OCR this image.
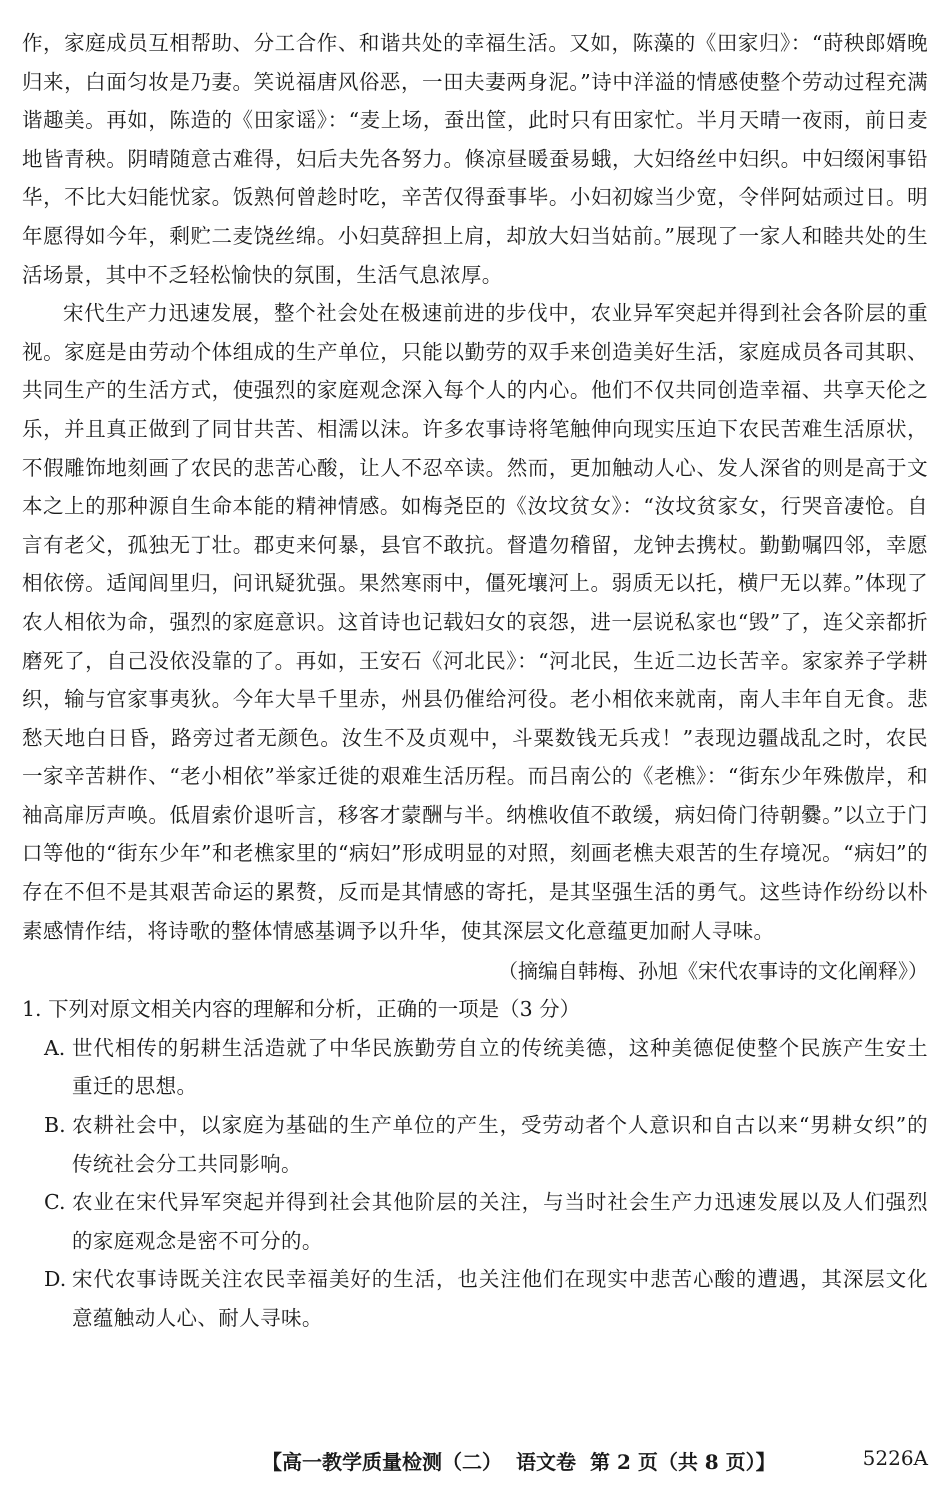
作，家庭成员互相帮助、分工合作、和谐共处的幸福生活。又如，陈藻的《田家归》：“莳秧郎婿晚归来，白面匀妆是乃妻。笑说福唐风俗恶，一田夫妻两身泥。”诗中洋溢的情感使整个劳动过程充满谐趣美。再如，陈造的《田家谣》：“麦上场，蚕出筐，此时只有田家忙。半月天晴一夜雨，前日麦地皆青秧。阴晴随意古难得，妇后夫先各努力。倏凉昼暖蚕易蛾，大妇络丝中妇织。中妇缀闲事铅华，不比大妇能忧家。饭熟何曾趁时吃，辛苦仅得蚕事毕。小妇初嫁当少宽，令伴阿姑顽过日。明年愿得如今年，剩贮二麦饶丝绵。小妇莫辞担上肩，却放大妇当姑前。”展现了一家人和睦共处的生活场景，其中不乏轻松愉快的氛围，生活气息浓厚。

宋代生产力迅速发展，整个社会处在极速前进的步伐中，农业异军突起并得到社会各阶层的重视。家庭是由劳动个体组成的生产单位，只能以勤劳的双手来创造美好生活，家庭成员各司其职、共同生产的生活方式，使强烈的家庭观念深入每个人的内心。他们不仅共同创造幸福、共享天伦之乐，并且真正做到了同甘共苦、相濡以沫。许多农事诗将笔触伸向现实压迫下农民苦难生活原状，不假雕饰地刻画了农民的悲苦心酸，让人不忍卒读。然而，更加触动人心、发人深省的则是高于文本之上的那种源自生命本能的精神情感。如梅尧臣的《汝坟贫女》：“汝坟贫家女，行哭音凄怆。自言有老父，孤独无丁壮。郡吏来何暴，县官不敢抗。督遣勿稽留，龙钟去携杖。勤勤嘱四邻，幸愿相依傍。适闻闾里归，问讯疑犹强。果然寒雨中，僵死壤河上。弱质无以托，横尸无以葬。”体现了农人相依为命，强烈的家庭意识。这首诗也记载妇女的哀怨，进一层说私家也“毁”了，连父亲都折磨死了，自己没依没靠的了。再如，王安石《河北民》：“河北民，生近二边长苦辛。家家养子学耕织，输与官家事夷狄。今年大旱千里赤，州县仍催给河役。老小相依来就南，南人丰年自无食。悲愁天地白日昏，路旁过者无颜色。汝生不及贞观中，斗粟数钱无兵戎！”表现边疆战乱之时，农民一家辛苦耕作、“老小相依”举家迁徙的艰难生活历程。而吕南公的《老樵》：“街东少年殊傲岸，和袖高扉厉声唤。低眉索价退听言，移客才蒙酬与半。纳樵收值不敢缓，病妇倚门待朝爨。”以立于门口等他的“街东少年”和老樵家里的“病妇”形成明显的对照，刻画老樵夫艰苦的生存境况。“病妇”的存在不但不是其艰苦命运的累赘，反而是其情感的寄托，是其坚强生活的勇气。这些诗作纷纷以朴素感情作结，将诗歌的整体情感基调予以升华，使其深层文化意蕴更加耐人寻味。

（摘编自韩梅、孙旭《宋代农事诗的文化阐释》）

1. 下列对原文相关内容的理解和分析，正确的一项是（3 分）

A. 世代相传的躬耕生活造就了中华民族勤劳自立的传统美德，这种美德促使整个民族产生安土重迁的思想。
B. 农耕社会中，以家庭为基础的生产单位的产生，受劳动者个人意识和自古以来“男耕女织”的传统社会分工共同影响。
C. 农业在宋代异军突起并得到社会其他阶层的关注，与当时社会生产力迅速发展以及人们强烈的家庭观念是密不可分的。
D. 宋代农事诗既关注农民幸福美好的生活，也关注他们在现实中悲苦心酸的遭遇，其深层文化意蕴触动人心、耐人寻味。
【高一教学质量检测（二） 语文卷 第 2 页（共 8 页）】	5226A
